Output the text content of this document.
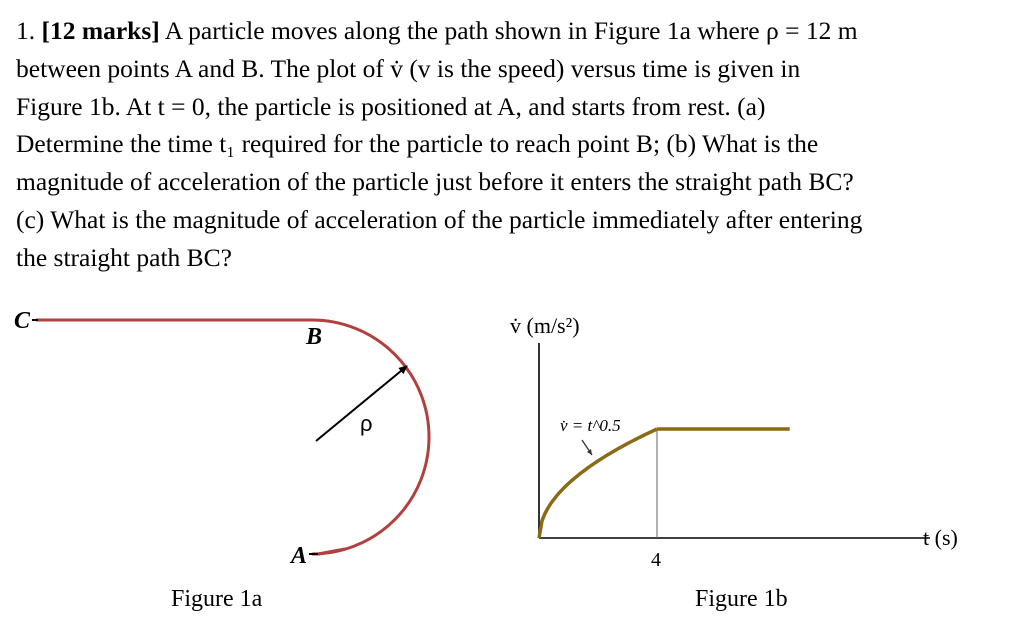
1. [12 marks] A particle moves along the path shown in Figure 1a where ρ = 12 m
between points A and B. The plot of v̇ (v is the speed) versus time is given in
Figure 1b. At t = 0, the particle is positioned at A, and starts from rest. (a)
Determine the time t₁ required for the particle to reach point B; (b) What is the
magnitude of acceleration of the particle just before it enters the straight path BC?
(c) What is the magnitude of acceleration of the particle immediately after entering
the straight path BC?
C
B
A
ρ
Figure 1a
v̇ (m/s²)
t (s)
4
v̇ = t^0.5
Figure 1b
